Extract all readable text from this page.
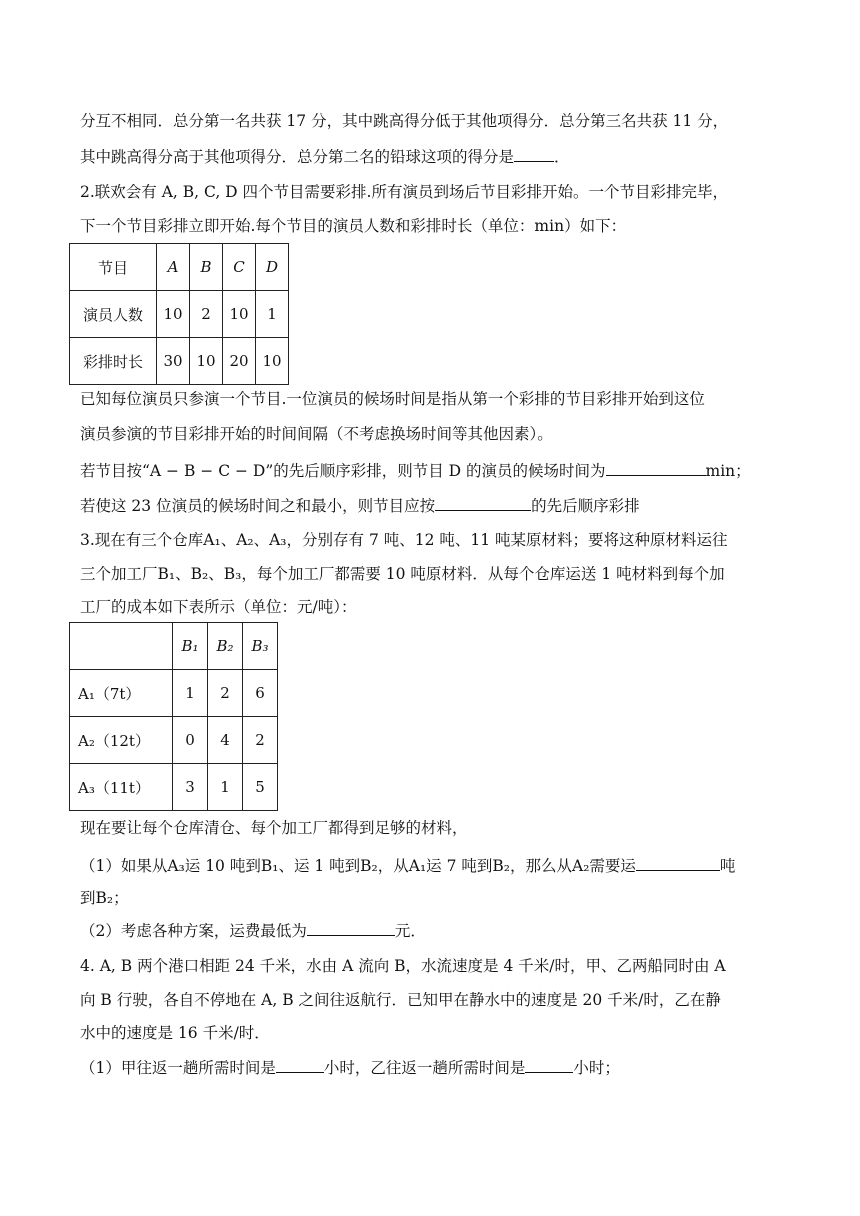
分互不相同．总分第一名共获 17 分，其中跳高得分低于其他项得分．总分第三名共获 11 分，
其中跳高得分高于其他项得分．总分第二名的铅球这项的得分是	．
2.联欢会有 A, B, C, D 四个节目需要彩排.所有演员到场后节目彩排开始。一个节目彩排完毕，
下一个节目彩排立即开始.每个节目的演员人数和彩排时长（单位：min）如下：
节目	A	B	C	D
演员人数	10	2	10	1
彩排时长	30	10	20	10
已知每位演员只参演一个节目.一位演员的候场时间是指从第一个彩排的节目彩排开始到这位
演员参演的节目彩排开始的时间间隔（不考虑换场时间等其他因素）。
若节目按“A − B − C − D”的先后顺序彩排，则节目 D 的演员的候场时间为	min；
若使这 23 位演员的候场时间之和最小，则节目应按	的先后顺序彩排
3.现在有三个仓库A₁、A₂、A₃，分别存有 7 吨、12 吨、11 吨某原材料；要将这种原材料运往
三个加工厂B₁、B₂、B₃，每个加工厂都需要 10 吨原材料．从每个仓库运送 1 吨材料到每个加
工厂的成本如下表所示（单位：元/吨）：
	B₁	B₂	B₃
A₁（7t）	1	2	6
A₂（12t）	0	4	2
A₃（11t）	3	1	5
现在要让每个仓库清仓、每个加工厂都得到足够的材料，
（1）如果从A₃运 10 吨到B₁、运 1 吨到B₂，从A₁运 7 吨到B₂，那么从A₂需要运	吨
到B₂；
（2）考虑各种方案，运费最低为	元．
4. A, B 两个港口相距 24 千米，水由 A 流向 B，水流速度是 4 千米/时，甲、乙两船同时由 A
向 B 行驶，各自不停地在 A, B 之间往返航行．已知甲在静水中的速度是 20 千米/时，乙在静
水中的速度是 16 千米/时．
（1）甲往返一趟所需时间是	小时，乙往返一趟所需时间是	小时；
